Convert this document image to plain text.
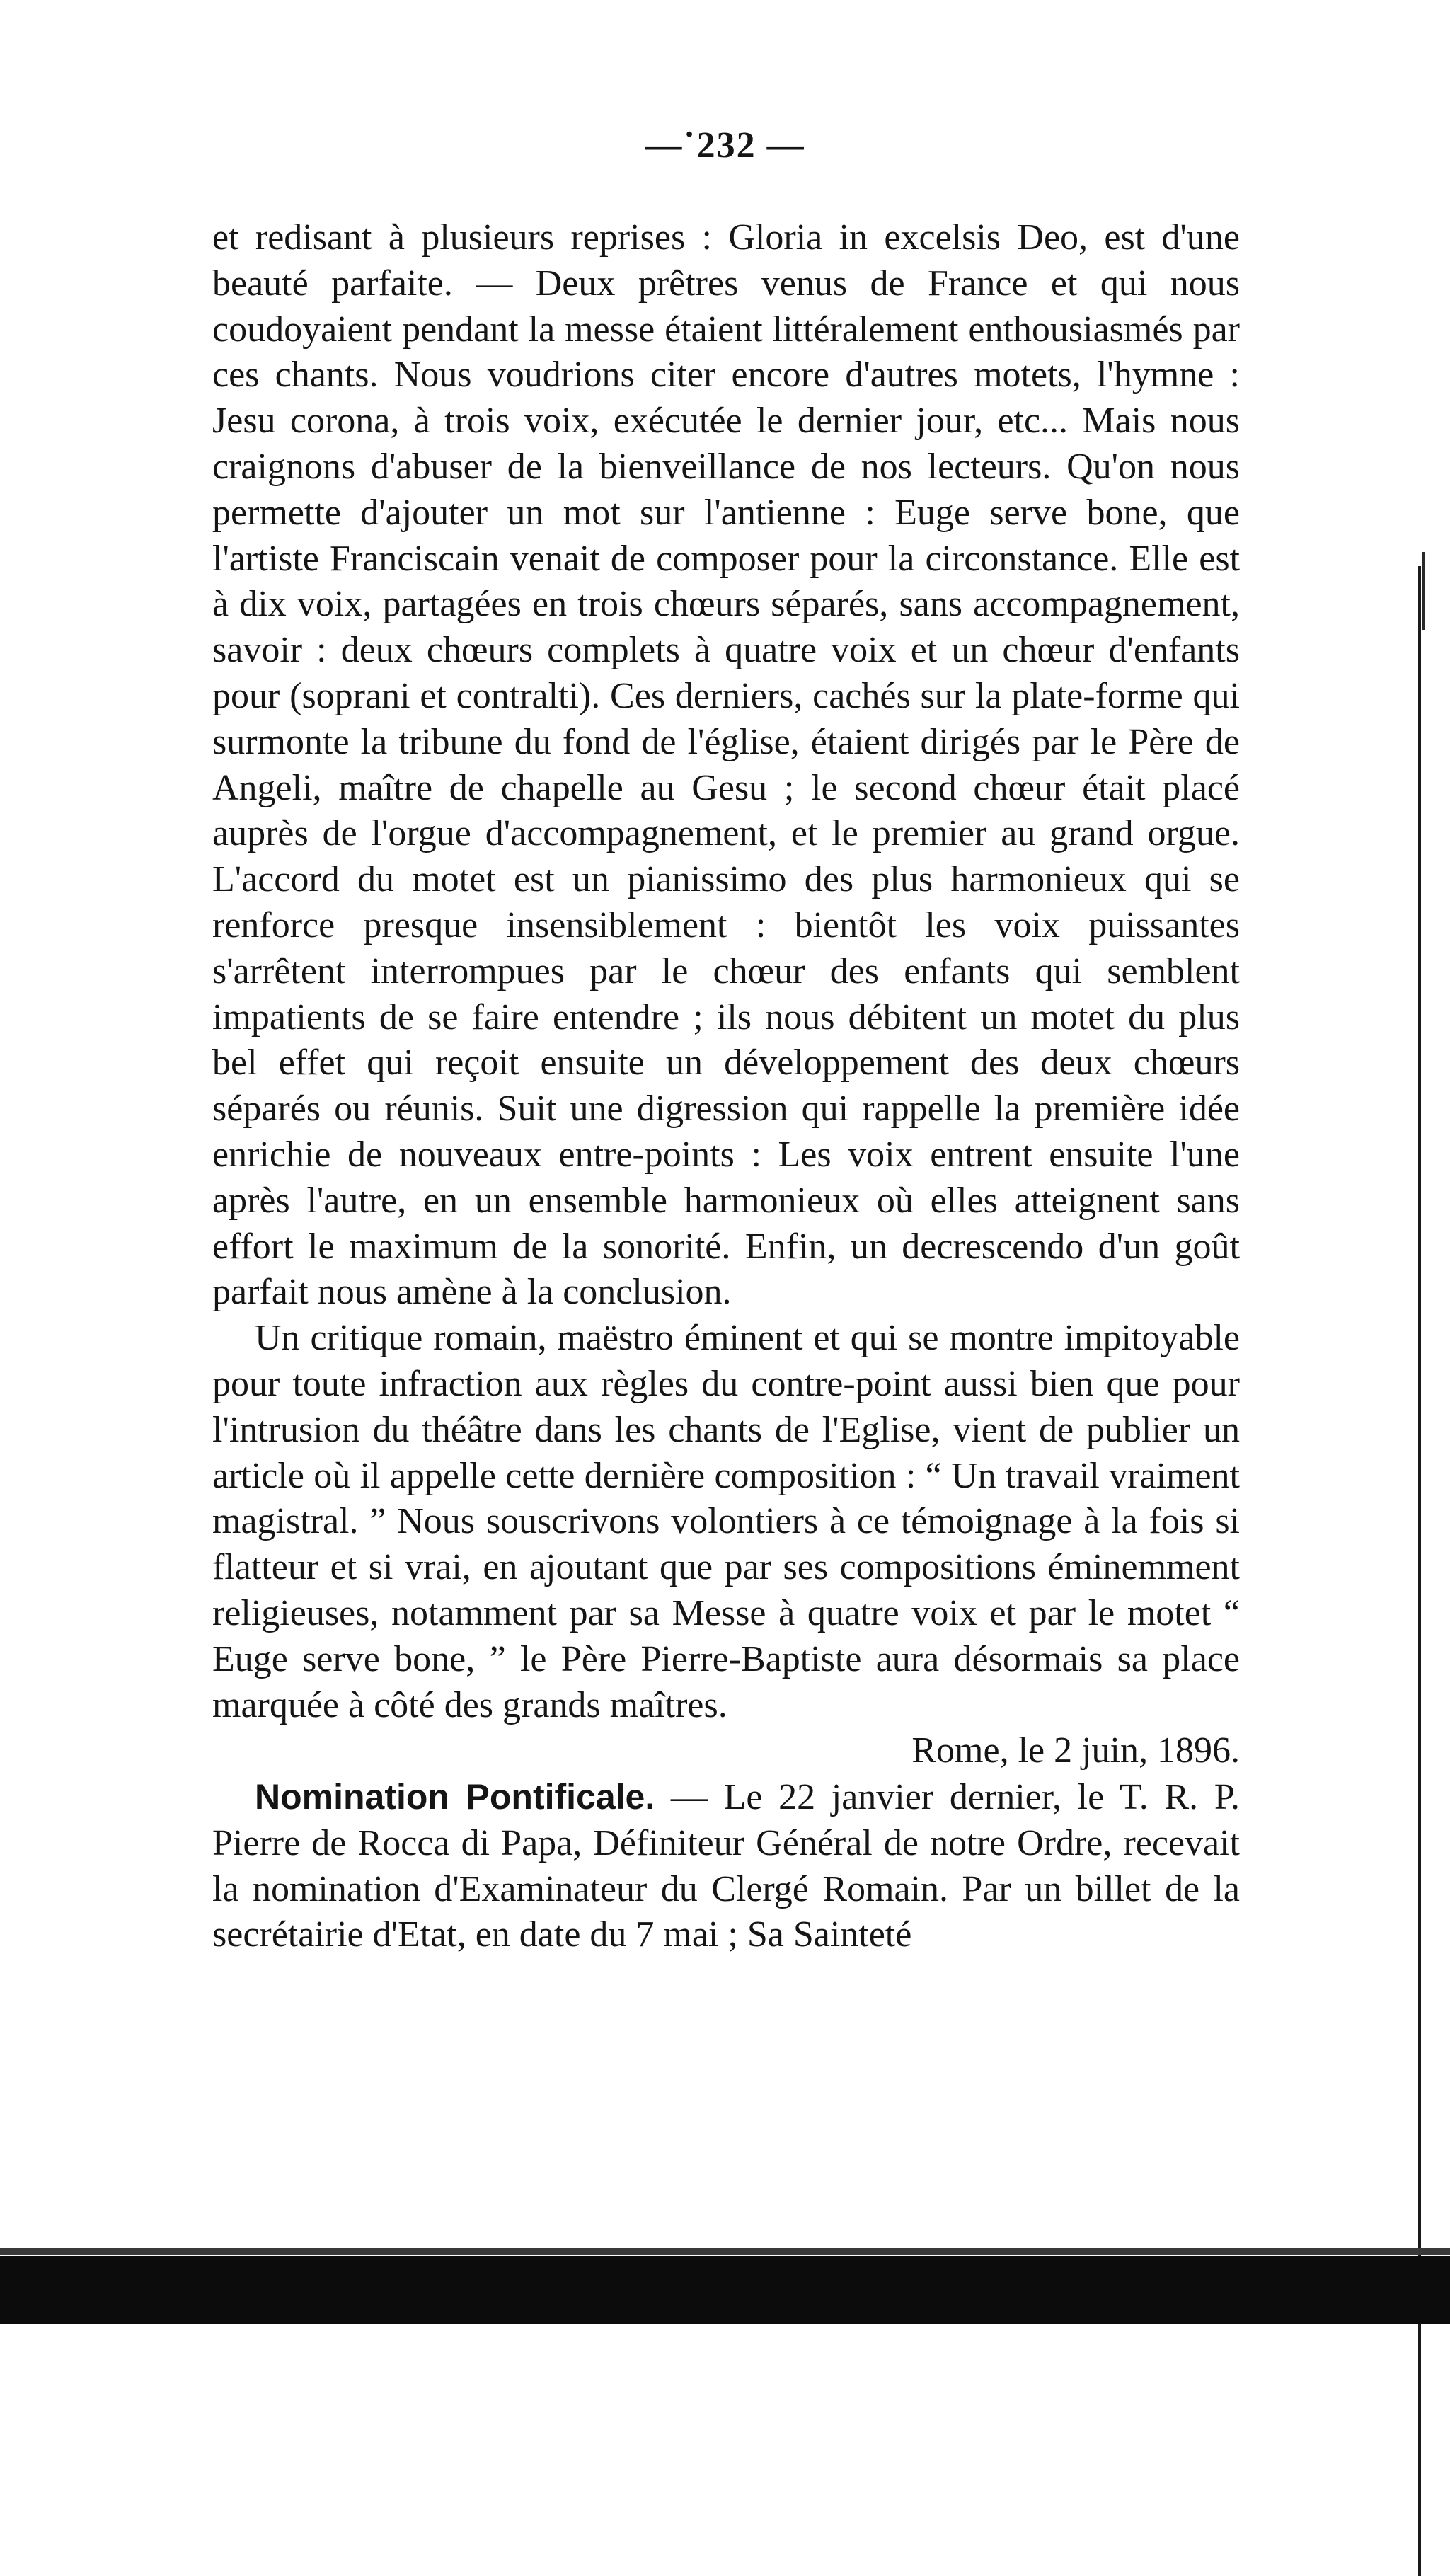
—˙232 —

et redisant à plusieurs reprises : Gloria in excelsis Deo, est d'une beauté parfaite. — Deux prêtres venus de France et qui nous coudoyaient pendant la messe étaient littéralement enthousiasmés par ces chants. Nous voudrions citer encore d'autres motets, l'hymne : Jesu corona, à trois voix, exécutée le dernier jour, etc... Mais nous craignons d'abuser de la bienveillance de nos lecteurs. Qu'on nous permette d'ajouter un mot sur l'antienne : Euge serve bone, que l'artiste Franciscain venait de composer pour la circonstance. Elle est à dix voix, partagées en trois chœurs séparés, sans accompagnement, savoir : deux chœurs complets à quatre voix et un chœur d'enfants pour (soprani et contralti). Ces derniers, cachés sur la plate-forme qui surmonte la tribune du fond de l'église, étaient dirigés par le Père de Angeli, maître de chapelle au Gesu ; le second chœur était placé auprès de l'orgue d'accompagnement, et le premier au grand orgue. L'accord du motet est un pianissimo des plus harmonieux qui se renforce presque insensiblement : bientôt les voix puissantes s'arrêtent interrompues par le chœur des enfants qui semblent impatients de se faire entendre ; ils nous débitent un motet du plus bel effet qui reçoit ensuite un développement des deux chœurs séparés ou réunis. Suit une digression qui rappelle la première idée enrichie de nouveaux entre-points : Les voix entrent ensuite l'une après l'autre, en un ensemble harmonieux où elles atteignent sans effort le maximum de la sonorité. Enfin, un decrescendo d'un goût parfait nous amène à la conclusion.

Un critique romain, maëstro éminent et qui se montre impitoyable pour toute infraction aux règles du contre-point aussi bien que pour l'intrusion du théâtre dans les chants de l'Eglise, vient de publier un article où il appelle cette dernière composition : “ Un travail vraiment magistral. ” Nous souscrivons volontiers à ce témoignage à la fois si flatteur et si vrai, en ajoutant que par ses compositions éminemment religieuses, notamment par sa Messe à quatre voix et par le motet “ Euge serve bone, ” le Père Pierre-Baptiste aura désormais sa place marquée à côté des grands maîtres.

Rome, le 2 juin, 1896.

Nomination Pontificale. — Le 22 janvier dernier, le T. R. P. Pierre de Rocca di Papa, Définiteur Général de notre Ordre, recevait la nomination d'Examinateur du Clergé Romain. Par un billet de la secrétairie d'Etat, en date du 7 mai ; Sa Sainteté
